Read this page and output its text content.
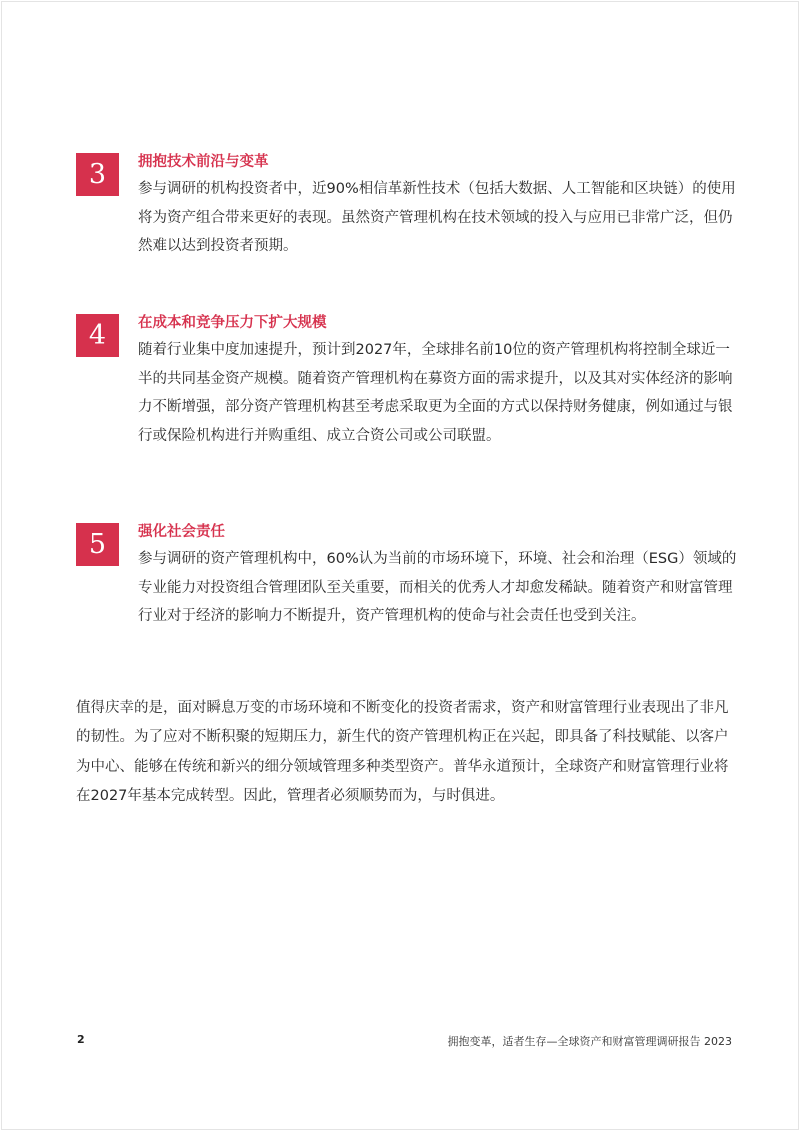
3	拥抱技术前沿与变革

参与调研的机构投资者中，近90%相信革新性技术（包括大数据、人工智能和区块链）的使用将为资产组合带来更好的表现。虽然资产管理机构在技术领域的投入与应用已非常广泛，但仍然难以达到投资者预期。

4	在成本和竞争压力下扩大规模

随着行业集中度加速提升，预计到2027年，全球排名前10位的资产管理机构将控制全球近一半的共同基金资产规模。随着资产管理机构在募资方面的需求提升，以及其对实体经济的影响力不断增强，部分资产管理机构甚至考虑采取更为全面的方式以保持财务健康，例如通过与银行或保险机构进行并购重组、成立合资公司或公司联盟。

5	强化社会责任

参与调研的资产管理机构中，60%认为当前的市场环境下，环境、社会和治理（ESG）领域的专业能力对投资组合管理团队至关重要，而相关的优秀人才却愈发稀缺。随着资产和财富管理行业对于经济的影响力不断提升，资产管理机构的使命与社会责任也受到关注。

值得庆幸的是，面对瞬息万变的市场环境和不断变化的投资者需求，资产和财富管理行业表现出了非凡的韧性。为了应对不断积聚的短期压力，新生代的资产管理机构正在兴起，即具备了科技赋能、以客户为中心、能够在传统和新兴的细分领域管理多种类型资产。普华永道预计，全球资产和财富管理行业将在2027年基本完成转型。因此，管理者必须顺势而为，与时俱进。

2	拥抱变革，适者生存—全球资产和财富管理调研报告 2023
